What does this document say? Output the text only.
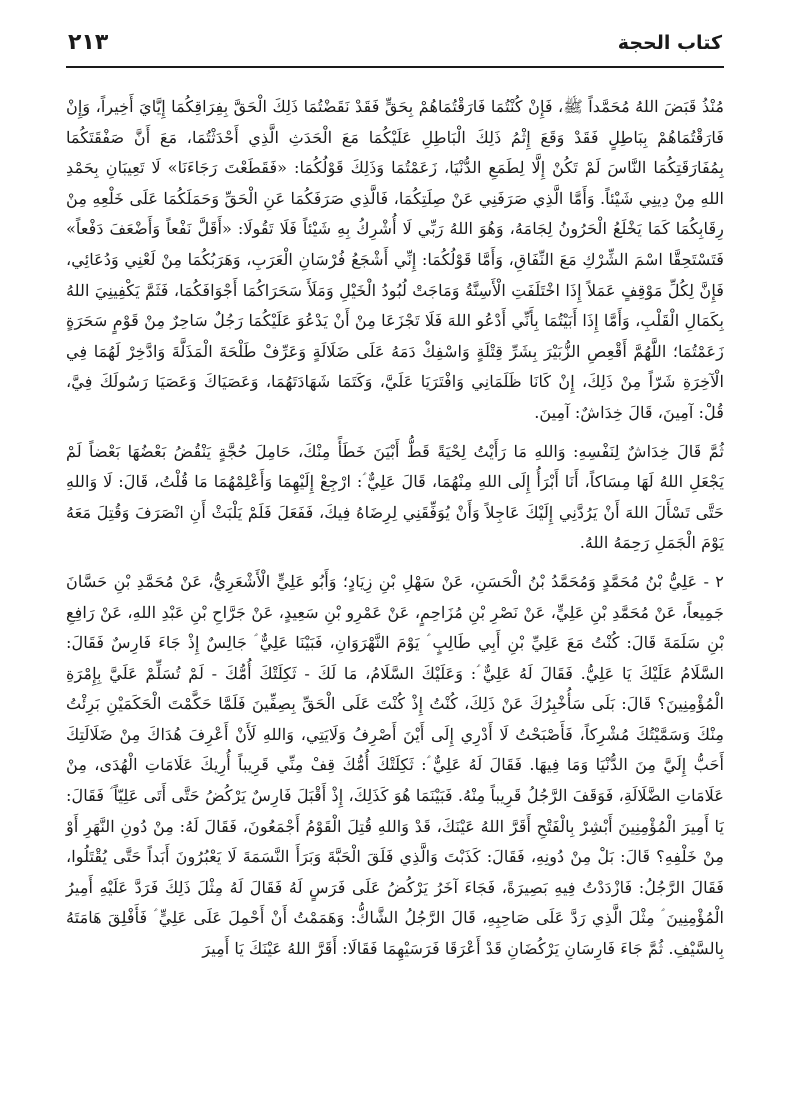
٢١٣	كتاب الحجة

مُنْذُ قَبَضَ اللهُ مُحَمَّداً ﷺ، فَإِنْ كُنْتُمَا فَارَقْتُمَاهُمْ بِحَقٍّ فَقَدْ نَقَضْتُمَا ذَلِكَ الْحَقَّ بِفِرَاقِكُمَا إِيَّايَ أَخِيراً، وَإِنْ فَارَقْتُمَاهُمْ بِبَاطِلٍ فَقَدْ وَقَعَ إِثْمُ ذَلِكَ الْبَاطِلِ عَلَيْكُمَا مَعَ الْحَدَثِ الَّذِي أَحْدَثْتُمَا، مَعَ أَنَّ صَفْقَتَكُمَا بِمُفَارَقَتِكُمَا النَّاسَ لَمْ تَكُنْ إِلَّا لِطَمَعِ الدُّنْيَا، زَعَمْتُمَا وَذَلِكَ قَوْلُكُمَا: «فَقَطَعْتَ رَجَاءَنَا» لَا تَعِيبَانِ بِحَمْدِ اللهِ مِنْ دِينِي شَيْئاً. وَأَمَّا الَّذِي صَرَفَنِي عَنْ صِلَتِكُمَا، فَالَّذِي صَرَفَكُمَا عَنِ الْحَقِّ وَحَمَلَكُمَا عَلَى خَلْعِهِ مِنْ رِقَابِكُمَا كَمَا يَخْلَعُ الْحَرُونُ لِجَامَهُ، وَهُوَ اللهُ رَبِّي لَا أُشْرِكُ بِهِ شَيْئاً فَلَا تَقُولَا: «أَقَلَّ نَفْعاً وَأَضْعَفَ دَفْعاً» فَتَسْتَحِقَّا اسْمَ الشِّرْكِ مَعَ النِّفَاقِ، وَأَمَّا قَوْلُكُمَا: إِنِّي أَشْجَعُ فُرْسَانِ الْعَرَبِ، وَهَرَبُكُمَا مِنْ لَعْنِي وَدُعَائِي، فَإِنَّ لِكُلِّ مَوْقِفٍ عَمَلاً إِذَا اخْتَلَفَتِ الْأَسِنَّةُ وَمَاجَتْ لُبُودُ الْخَيْلِ وَمَلَأَ سَحَرَاكُمَا أَجْوَافَكُمَا، فَثَمَّ يَكْفِينِيَ اللهُ بِكَمَالِ الْقَلْبِ، وَأَمَّا إِذَا أَبَيْتُمَا بِأَنِّي أَدْعُو اللهَ فَلَا تَجْزَعَا مِنْ أَنْ يَدْعُوَ عَلَيْكُمَا رَجُلٌ سَاحِرٌ مِنْ قَوْمٍ سَحَرَةٍ زَعَمْتُمَا؛ اللَّهُمَّ أَقْعِصِ الزُّبَيْرَ بِشَرِّ قِتْلَةٍ وَاسْفِكْ دَمَهُ عَلَى ضَلَالَةٍ وَعَرِّفْ طَلْحَةَ الْمَذَلَّةَ وَادَّخِرْ لَهُمَا فِي الْآخِرَةِ شَرّاً مِنْ ذَلِكَ، إِنْ كَانَا ظَلَمَانِي وَافْتَرَيَا عَلَيَّ، وَكَتَمَا شَهَادَتَهُمَا، وَعَصَيَاكَ وَعَصَيَا رَسُولَكَ فِيَّ، قُلْ: آمِينَ، قَالَ خِدَاشٌ: آمِينَ.

ثُمَّ قَالَ خِدَاشٌ لِنَفْسِهِ: وَاللهِ مَا رَأَيْتُ لِحْيَةً قَطُّ أَبْيَنَ خَطَأً مِنْكَ، حَامِلَ حُجَّةٍ يَنْقُضُ بَعْضُهَا بَعْضاً لَمْ يَجْعَلِ اللهُ لَهَا مِسَاكاً، أَنَا أَبْرَأُ إِلَى اللهِ مِنْهُمَا، قَالَ عَلِيٌّ ؑ: ارْجِعْ إِلَيْهِمَا وَأَعْلِمْهُمَا مَا قُلْتُ، قَالَ: لَا وَاللهِ حَتَّى تَسْأَلَ اللهَ أَنْ يَرُدَّنِي إِلَيْكَ عَاجِلاً وَأَنْ يُوَفِّقَنِي لِرِضَاهُ فِيكَ، فَفَعَلَ فَلَمْ يَلْبَثْ أَنِ انْصَرَفَ وَقُتِلَ مَعَهُ يَوْمَ الْجَمَلِ رَحِمَهُ اللهُ.

٢ - عَلِيُّ بْنُ مُحَمَّدٍ وَمُحَمَّدُ بْنُ الْحَسَنِ، عَنْ سَهْلِ بْنِ زِيَادٍ؛ وَأَبُو عَلِيٍّ الْأَشْعَرِيُّ، عَنْ مُحَمَّدِ بْنِ حَسَّانَ جَمِيعاً، عَنْ مُحَمَّدِ بْنِ عَلِيٍّ، عَنْ نَصْرِ بْنِ مُزَاحِمٍ، عَنْ عَمْرِو بْنِ سَعِيدٍ، عَنْ جَرَّاحِ بْنِ عَبْدِ اللهِ، عَنْ رَافِعِ بْنِ سَلَمَةَ قَالَ: كُنْتُ مَعَ عَلِيِّ بْنِ أَبِي طَالِبٍ ؑ يَوْمَ النَّهْرَوَانِ، فَبَيْنَا عَلِيٌّ ؑ جَالِسٌ إِذْ جَاءَ فَارِسٌ فَقَالَ: السَّلَامُ عَلَيْكَ يَا عَلِيُّ. فَقَالَ لَهُ عَلِيٌّ ؑ: وَعَلَيْكَ السَّلَامُ، مَا لَكَ - ثَكِلَتْكَ أُمُّكَ - لَمْ تُسَلِّمْ عَلَيَّ بِإِمْرَةِ الْمُؤْمِنِينَ؟ قَالَ: بَلَى سَأُخْبِرُكَ عَنْ ذَلِكَ، كُنْتُ إِذْ كُنْتَ عَلَى الْحَقِّ بِصِفِّينَ فَلَمَّا حَكَّمْتَ الْحَكَمَيْنِ بَرِئْتُ مِنْكَ وَسَمَّيْتُكَ مُشْرِكاً، فَأَصْبَحْتُ لَا أَدْرِي إِلَى أَيْنَ أَصْرِفُ وَلَايَتِي، وَاللهِ لَأَنْ أَعْرِفَ هُدَاكَ مِنْ ضَلَالَتِكَ أَحَبُّ إِلَيَّ مِنَ الدُّنْيَا وَمَا فِيهَا. فَقَالَ لَهُ عَلِيٌّ ؑ: ثَكِلَتْكَ أُمُّكَ قِفْ مِنِّي قَرِيباً أُرِيكَ عَلَامَاتِ الْهُدَى، مِنْ عَلَامَاتِ الضَّلَالَةِ، فَوَقَفَ الرَّجُلُ قَرِيباً مِنْهُ. فَبَيْنَمَا هُوَ كَذَلِكَ، إِذْ أَقْبَلَ فَارِسٌ يَرْكُضُ حَتَّى أَتَى عَلِيّاً ؑ فَقَالَ: يَا أَمِيرَ الْمُؤْمِنِينَ أَبْشِرْ بِالْفَتْحِ أَقَرَّ اللهُ عَيْنَكَ، قَدْ وَاللهِ قُتِلَ الْقَوْمُ أَجْمَعُونَ، فَقَالَ لَهُ: مِنْ دُونِ النَّهَرِ أَوْ مِنْ خَلْفِهِ؟ قَالَ: بَلْ مِنْ دُونِهِ، فَقَالَ: كَذَبْتَ وَالَّذِي فَلَقَ الْحَبَّةَ وَبَرَأَ النَّسَمَةَ لَا يَعْبُرُونَ أَبَداً حَتَّى يُقْتَلُوا، فَقَالَ الرَّجُلُ: فَازْدَدْتُ فِيهِ بَصِيرَةً، فَجَاءَ آخَرُ يَرْكُضُ عَلَى فَرَسٍ لَهُ فَقَالَ لَهُ مِثْلَ ذَلِكَ فَرَدَّ عَلَيْهِ أَمِيرُ الْمُؤْمِنِينَ ؑ مِثْلَ الَّذِي رَدَّ عَلَى صَاحِبِهِ، قَالَ الرَّجُلُ الشَّاكُّ: وَهَمَمْتُ أَنْ أَحْمِلَ عَلَى عَلِيٍّ ؑ فَأَفْلِقَ هَامَتَهُ بِالسَّيْفِ. ثُمَّ جَاءَ فَارِسَانِ يَرْكُضَانِ قَدْ أَعْرَقَا فَرَسَيْهِمَا فَقَالَا: أَقَرَّ اللهُ عَيْنَكَ يَا أَمِيرَ
